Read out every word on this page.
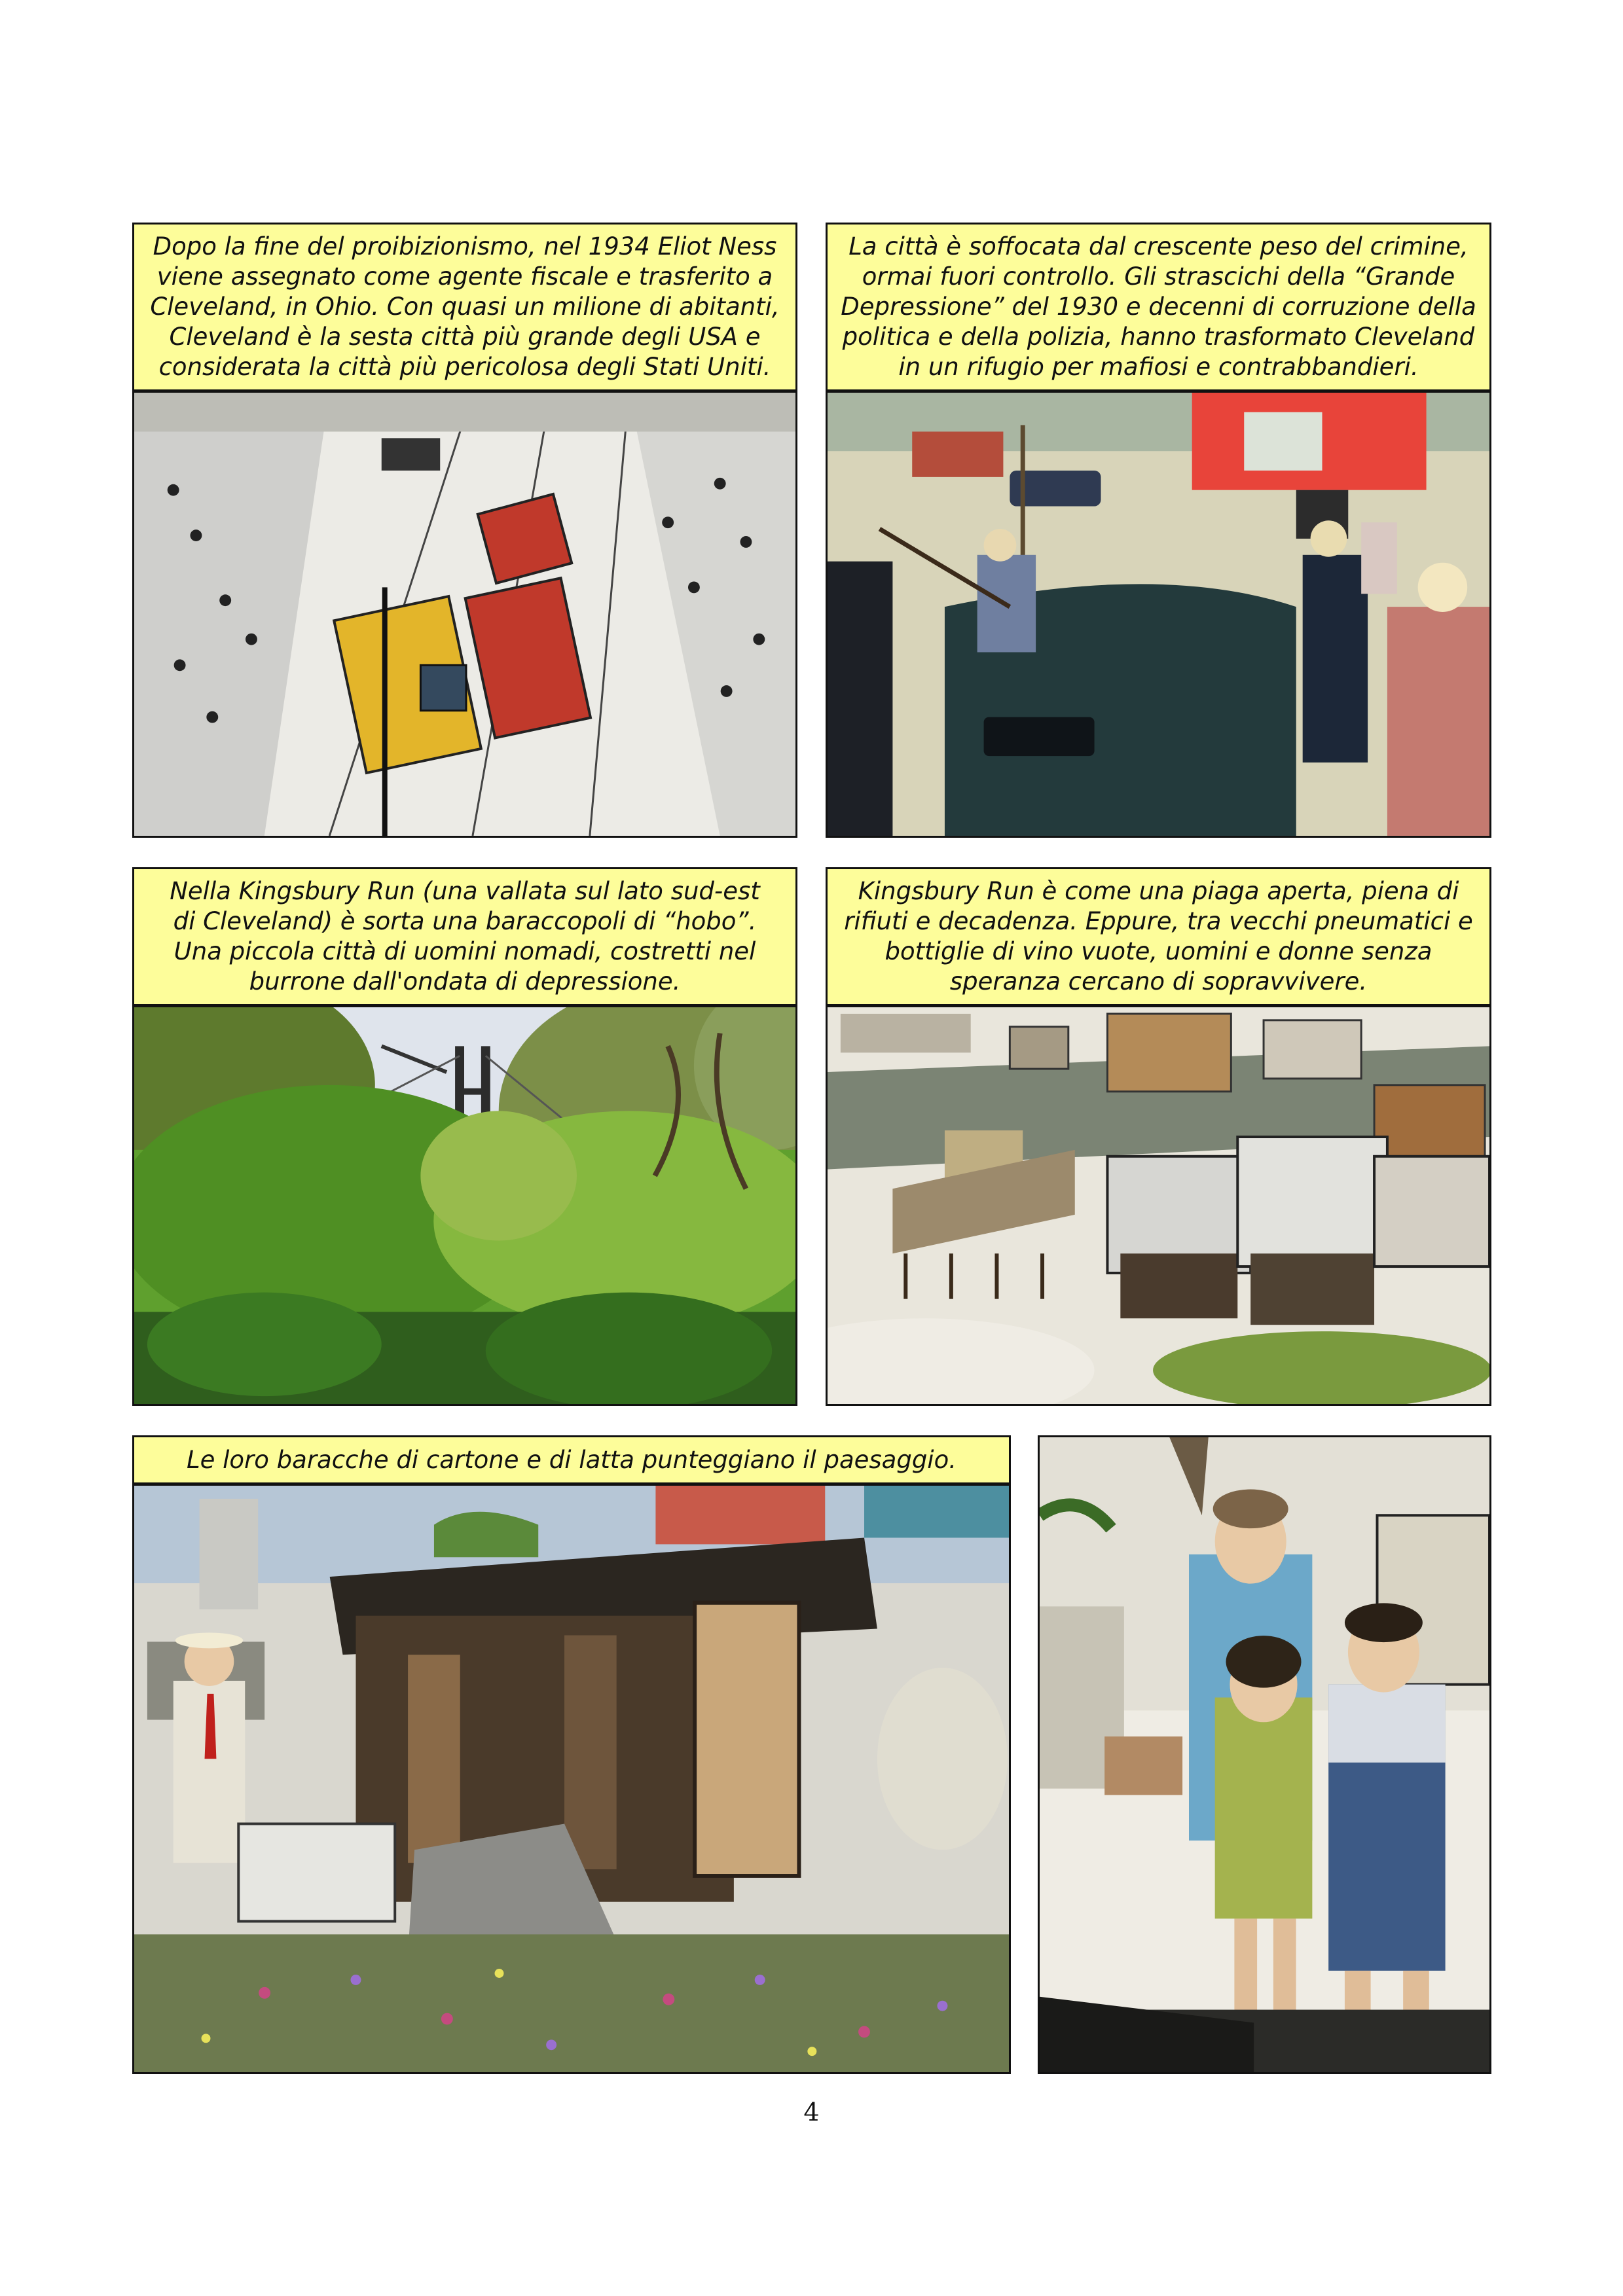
Dopo la fine del proibizionismo, nel 1934 Eliot Ness
viene assegnato come agente fiscale e trasferito a
Cleveland, in Ohio. Con quasi un milione di abitanti,
Cleveland è la sesta città più grande degli USA e
considerata la città più pericolosa degli Stati Uniti.
La città è soffocata dal crescente peso del crimine,
ormai fuori controllo. Gli strascichi della “Grande
Depressione” del 1930 e decenni di corruzione della
politica e della polizia, hanno trasformato Cleveland
in un rifugio per mafiosi e contrabbandieri.
Nella Kingsbury Run (una vallata sul lato sud-est
di Cleveland) è sorta una baraccopoli di “hobo”.
Una piccola città di uomini nomadi, costretti nel
burrone dall'ondata di depressione.
Kingsbury Run è come una piaga aperta, piena di
rifiuti e decadenza. Eppure, tra vecchi pneumatici e
bottiglie di vino vuote, uomini e donne senza
speranza cercano di sopravvivere.
Le loro baracche di cartone e di latta punteggiano il paesaggio.
4
